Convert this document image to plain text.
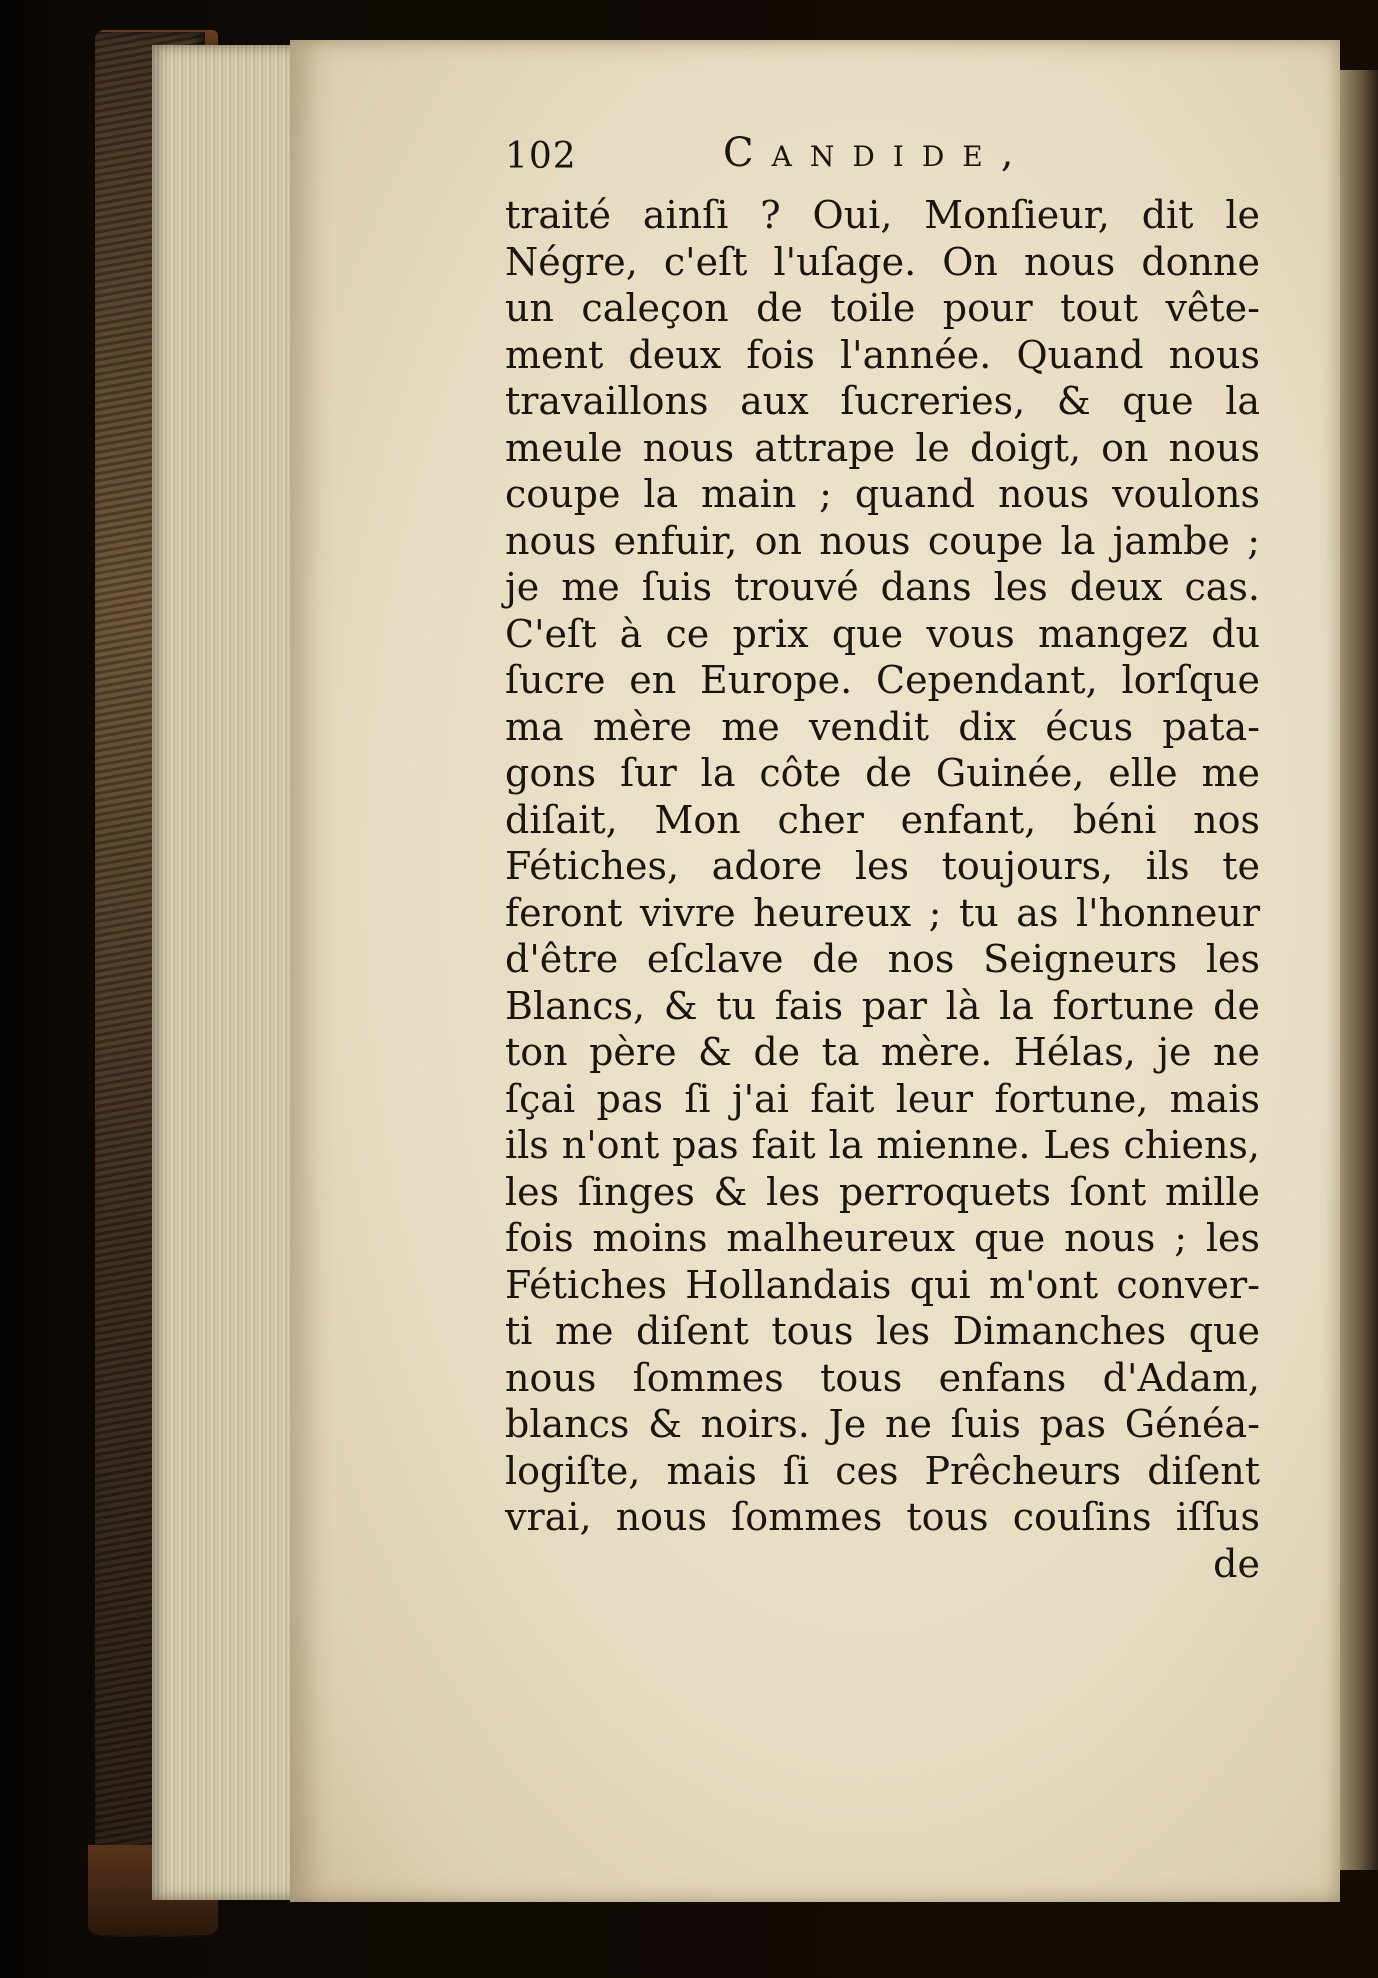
102	Candide,
traité ainſi ? Oui, Monſieur, dit le
Négre, c'eſt l'uſage. On nous donne
un caleçon de toile pour tout vête-
ment deux fois l'année. Quand nous
travaillons aux ſucreries, & que la
meule nous attrape le doigt, on nous
coupe la main ; quand nous voulons
nous enfuir, on nous coupe la jambe ;
je me ſuis trouvé dans les deux cas.
C'eſt à ce prix que vous mangez du
ſucre en Europe. Cependant, lorſque
ma mère me vendit dix écus pata-
gons ſur la côte de Guinée, elle me
diſait, Mon cher enfant, béni nos
Fétiches, adore les toujours, ils te
feront vivre heureux ; tu as l'honneur
d'être eſclave de nos Seigneurs les
Blancs, & tu fais par là la fortune de
ton père & de ta mère. Hélas, je ne
ſçai pas ſi j'ai fait leur fortune, mais
ils n'ont pas fait la mienne. Les chiens,
les ſinges & les perroquets ſont mille
fois moins malheureux que nous ; les
Fétiches Hollandais qui m'ont conver-
ti me diſent tous les Dimanches que
nous ſommes tous enfans d'Adam,
blancs & noirs. Je ne ſuis pas Généa-
logiſte, mais ſi ces Prêcheurs diſent
vrai, nous ſommes tous couſins iſſus
de
